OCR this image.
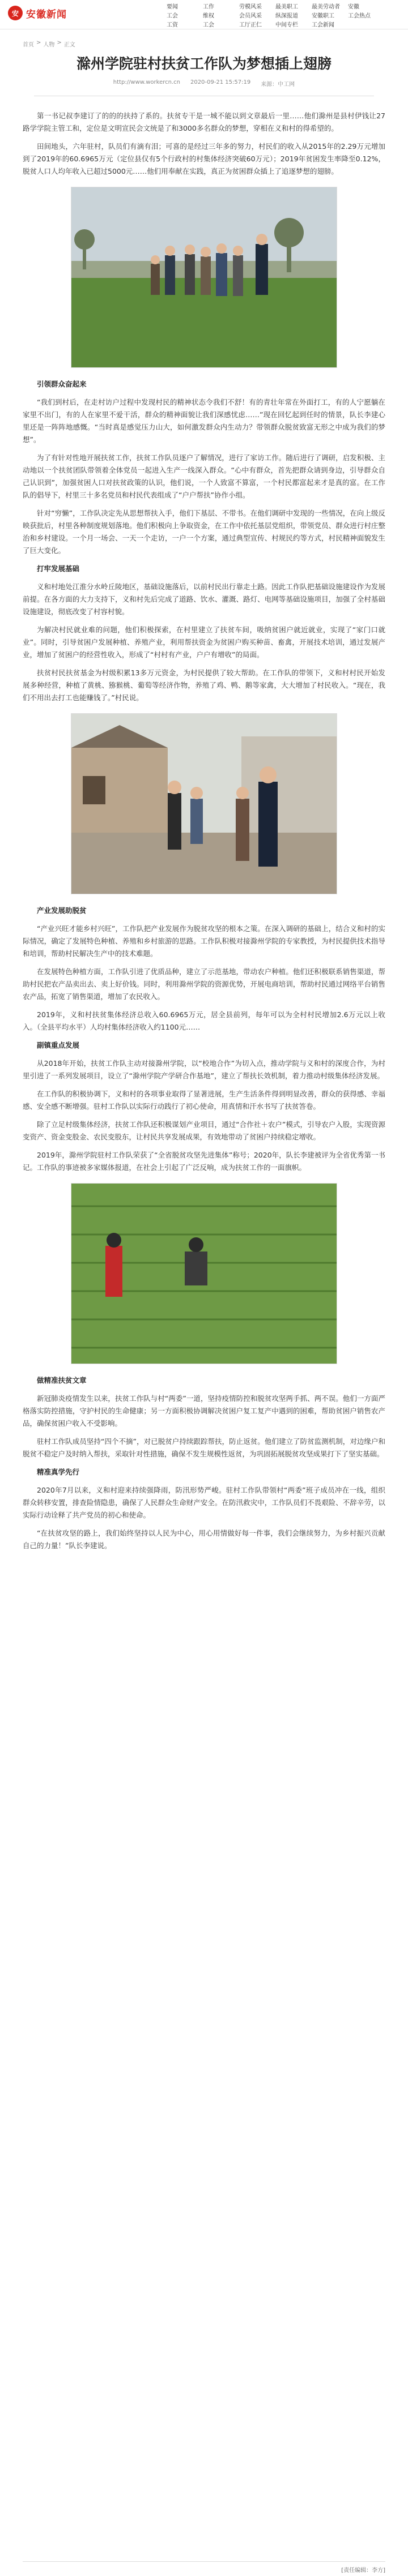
安 安徽新闻
要闻	工作	劳模风采	最美职工	最美劳动者	安徽
工会	维权	会员风采	纵深报道	安徽职工	工会热点
工资	工会	工厅正仁	中间专栏	工会新闻
首页 > 人物 > 正文
滁州学院驻村扶贫工作队为梦想插上翅膀
http://www.workercn.cn 2020-09-21 15:57:19 来源：中工网

第一书记叔李建订了的的的扶持了系的。扶贫专干是一城不能以到文章最后一里……他们滁州是县村伊钱让27路学学院主管工和，定位是文明宣民会文统是了和3000多名群众的梦想，穿相在义和村的得希望的。

田间地头，六年驻村，队员们有滴有泪；可喜的是经过三年多的努力，村民们的收入从2015年的2.29万元增加到了2019年的60.6965万元（定位县仅有5个行政村的村集体经济突破60万元）；2019年贫困发生率降至0.12%，脱贫人口人均年收入已超过5000元……他们用奉献在实践，真正为贫困群众插上了追逐梦想的翅膀。

引领群众奋起来

“我们到村后，在走村访户过程中发现村民的精神状态令我们不舒！有的青壮年常在外面打工，有的人宁愿躺在家里不出门，有的人在家里不爱干活，群众的精神面貌让我们深感忧虑……”现在回忆起到任时的情景，队长李建心里还是一阵阵地感慨。“当时真是感觉压力山大，如何激发群众内生动力？带领群众脱贫致富无形之中成为我们的梦想”。

为了有针对性地开展扶贫工作，扶贫工作队员逐户了解情况，进行了家访工作。随后进行了调研，启发积极、主动地以一个扶贫团队带领着全体党员一起进入生产一线深入群众。“心中有群众，首先把群众请到身边，引导群众自己认识到”，加强贫困人口对扶贫政策的认识，他们说，一个人致富不算富，一个村民都富起来才是真的富。在工作队的倡导下，村里三十多名党员和村民代表组成了“户户帮扶”协作小组。

针对“穷懒”，工作队决定先从思想帮扶入手，他们下基层、不带书。在他们调研中发现的一些情况，在向上级反映获批后，村里各种制度规划落地。他们积极向上争取资金，在工作中依托基层党组织，带领党员、群众进行村庄整治和乡村建设。一个月一场会、一天一个走访，一户一个方案，通过典型宣传、村规民约等方式，村民精神面貌发生了巨大变化。

打牢发展基础

义和村地处江淮分水岭丘陵地区，基础设施落后，以前村民出行靠走土路。因此工作队把基础设施建设作为发展前提。在各方面的大力支持下，义和村先后完成了道路、饮水、灌溉、路灯、电网等基础设施项目，加强了全村基础设施建设，彻底改变了村容村貌。

为解决村民就业难的问题，他们积极探索，在村里建立了扶贫车间，吸纳贫困户就近就业，实现了“家门口就业”。同时，引导贫困户发展种植、养殖产业，利用帮扶资金为贫困户购买种苗、畜禽，开展技术培训，通过发展产业，增加了贫困户的经营性收入，形成了“村村有产业，户户有增收”的局面。

扶贫村民扶贫基金为村级积累13多万元资金，为村民提供了较大帮助。在工作队的带领下，义和村村民开始发展多种经营，种植了黄桃、猕猴桃、葡萄等经济作物，养殖了鸡、鸭、鹅等家禽，大大增加了村民收入。“现在，我们不用出去打工也能赚钱了。”村民说。

产业发展助脱贫

“产业兴旺才能乡村兴旺”，工作队把产业发展作为脱贫攻坚的根本之策。在深入调研的基础上，结合义和村的实际情况，确定了发展特色种植、养殖和乡村旅游的思路。工作队积极对接滁州学院的专家教授，为村民提供技术指导和培训，帮助村民解决生产中的技术难题。

在发展特色种植方面，工作队引进了优质品种，建立了示范基地，带动农户种植。他们还积极联系销售渠道，帮助村民把农产品卖出去、卖上好价钱。同时，利用滁州学院的资源优势，开展电商培训，帮助村民通过网络平台销售农产品，拓宽了销售渠道，增加了农民收入。

2019年，义和村扶贫集体经济总收入60.6965万元，居全县前列，每年可以为全村村民增加2.6万元以上收入。（全县平均水平）人均村集体经济收入约1100元……

副镇重点发展

从2018年开始，扶贫工作队主动对接滁州学院，以“校地合作”为切入点，推动学院与义和村的深度合作，为村里引进了一系列发展项目，设立了“滁州学院产学研合作基地”，建立了帮扶长效机制，着力推动村级集体经济发展。

在工作队的积极协调下，义和村的各项事业取得了显著进展，生产生活条件得到明显改善，群众的获得感、幸福感、安全感不断增强。驻村工作队以实际行动践行了初心使命，用真情和汗水书写了扶贫答卷。

除了立足村级集体经济，扶贫工作队还积极谋划产业项目，通过“合作社＋农户”模式，引导农户入股，实现资源变资产、资金变股金、农民变股东，让村民共享发展成果，有效地带动了贫困户持续稳定增收。

2019年，滁州学院驻村工作队荣获了“全省脱贫攻坚先进集体”称号；2020年，队长李建被评为全省优秀第一书记。工作队的事迹被多家媒体报道，在社会上引起了广泛反响，成为扶贫工作的一面旗帜。

做精准扶贫文章

新冠肺炎疫情发生以来，扶贫工作队与村“两委”一道，坚持疫情防控和脱贫攻坚两手抓、两不误。他们一方面严格落实防控措施，守护村民的生命健康；另一方面积极协调解决贫困户复工复产中遇到的困难，帮助贫困户销售农产品，确保贫困户收入不受影响。

驻村工作队成员坚持“四个不摘”，对已脱贫户持续跟踪帮扶，防止返贫。他们建立了防贫监测机制，对边缘户和脱贫不稳定户及时纳入帮扶，采取针对性措施，确保不发生规模性返贫，为巩固拓展脱贫攻坚成果打下了坚实基础。

精准真学先行

2020年7月以来，义和村迎来持续强降雨，防汛形势严峻。驻村工作队带领村“两委”班子成员冲在一线，组织群众转移安置，排查险情隐患，确保了人民群众生命财产安全。在防汛救灾中，工作队员们不畏艰险、不辞辛劳，以实际行动诠释了共产党员的初心和使命。

“在扶贫攻坚的路上，我们始终坚持以人民为中心，用心用情做好每一件事，我们会继续努力，为乡村振兴贡献自己的力量！”队长李建说。

[责任编辑：李方]
